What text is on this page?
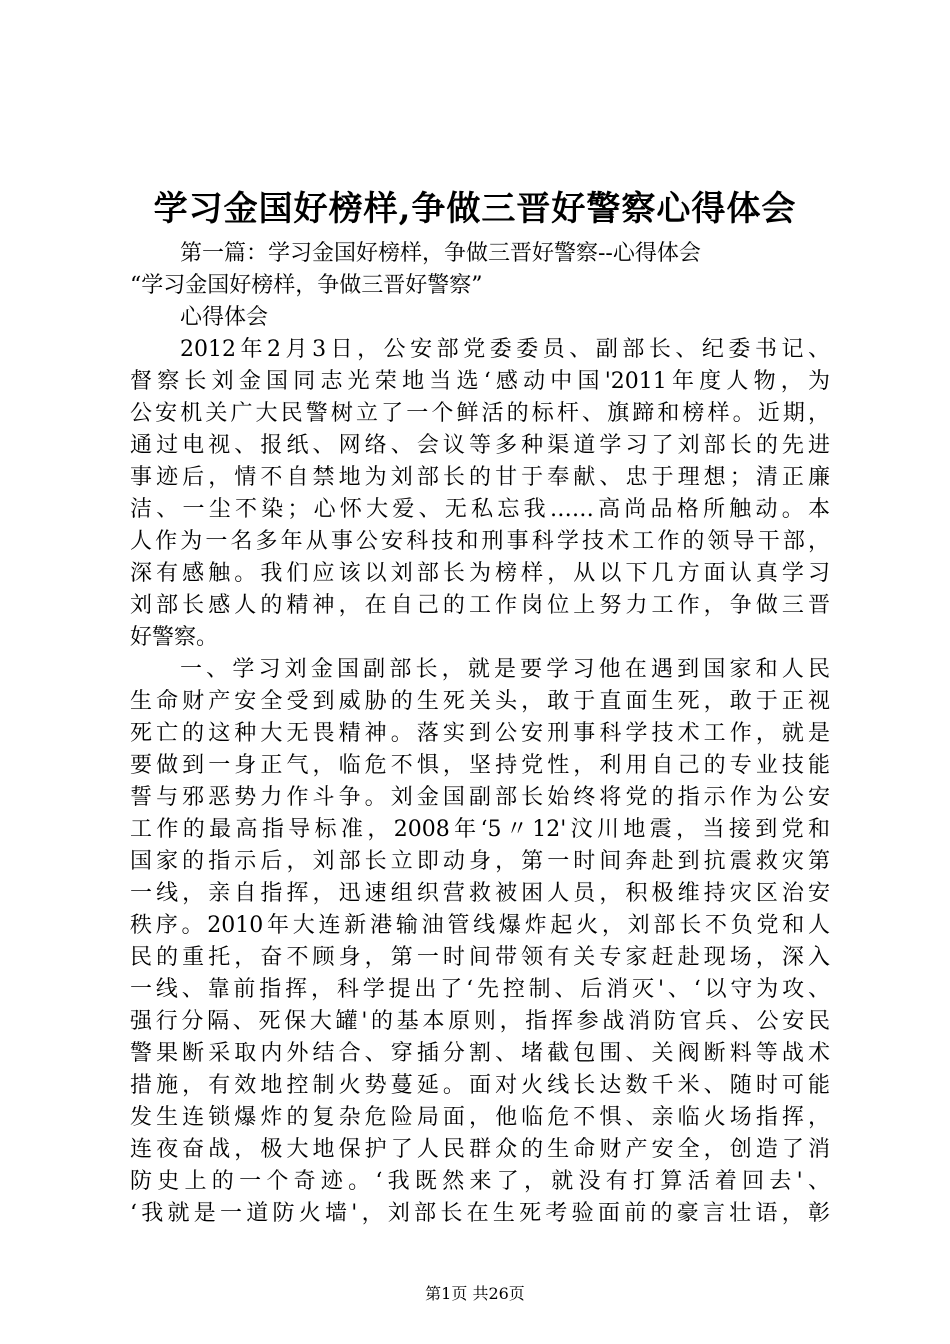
学习金国好榜样,争做三晋好警察心得体会
第一篇：学习金国好榜样，争做三晋好警察--心得体会
“学习金国好榜样，争做三晋好警察”
心得体会
2012年2月3日，公安部党委委员、副部长、纪委书记、
督察长刘金国同志光荣地当选‘感动中国'2011年度人物，为
公安机关广大民警树立了一个鲜活的标杆、旗蹄和榜样。近期，
通过电视、报纸、网络、会议等多种渠道学习了刘部长的先进
事迹后，情不自禁地为刘部长的甘于奉献、忠于理想；清正廉
洁、一尘不染；心怀大爱、无私忘我……高尚品格所触动。本
人作为一名多年从事公安科技和刑事科学技术工作的领导干部，
深有感触。我们应该以刘部长为榜样，从以下几方面认真学习
刘部长感人的精神，在自己的工作岗位上努力工作，争做三晋
好警察。
一、学习刘金国副部长，就是要学习他在遇到国家和人民
生命财产安全受到威胁的生死关头，敢于直面生死，敢于正视
死亡的这种大无畏精神。落实到公安刑事科学技术工作，就是
要做到一身正气，临危不惧，坚持党性，利用自己的专业技能
誓与邪恶势力作斗争。刘金国副部长始终将党的指示作为公安
工作的最高指导标准，2008年‘5〃12'汶川地震，当接到党和
国家的指示后，刘部长立即动身，第一时间奔赴到抗震救灾第
一线，亲自指挥，迅速组织营救被困人员，积极维持灾区治安
秩序。2010年大连新港输油管线爆炸起火，刘部长不负党和人
民的重托，奋不顾身，第一时间带领有关专家赶赴现场，深入
一线、靠前指挥，科学提出了‘先控制、后消灭'、‘以守为攻、
强行分隔、死保大罐'的基本原则，指挥参战消防官兵、公安民
警果断采取内外结合、穿插分割、堵截包围、关阀断料等战术
措施，有效地控制火势蔓延。面对火线长达数千米、随时可能
发生连锁爆炸的复杂危险局面，他临危不惧、亲临火场指挥，
连夜奋战，极大地保护了人民群众的生命财产安全，创造了消
防史上的一个奇迹。‘我既然来了，就没有打算活着回去'、
‘我就是一道防火墙'，刘部长在生死考验面前的豪言壮语，彰
第1页 共26页
